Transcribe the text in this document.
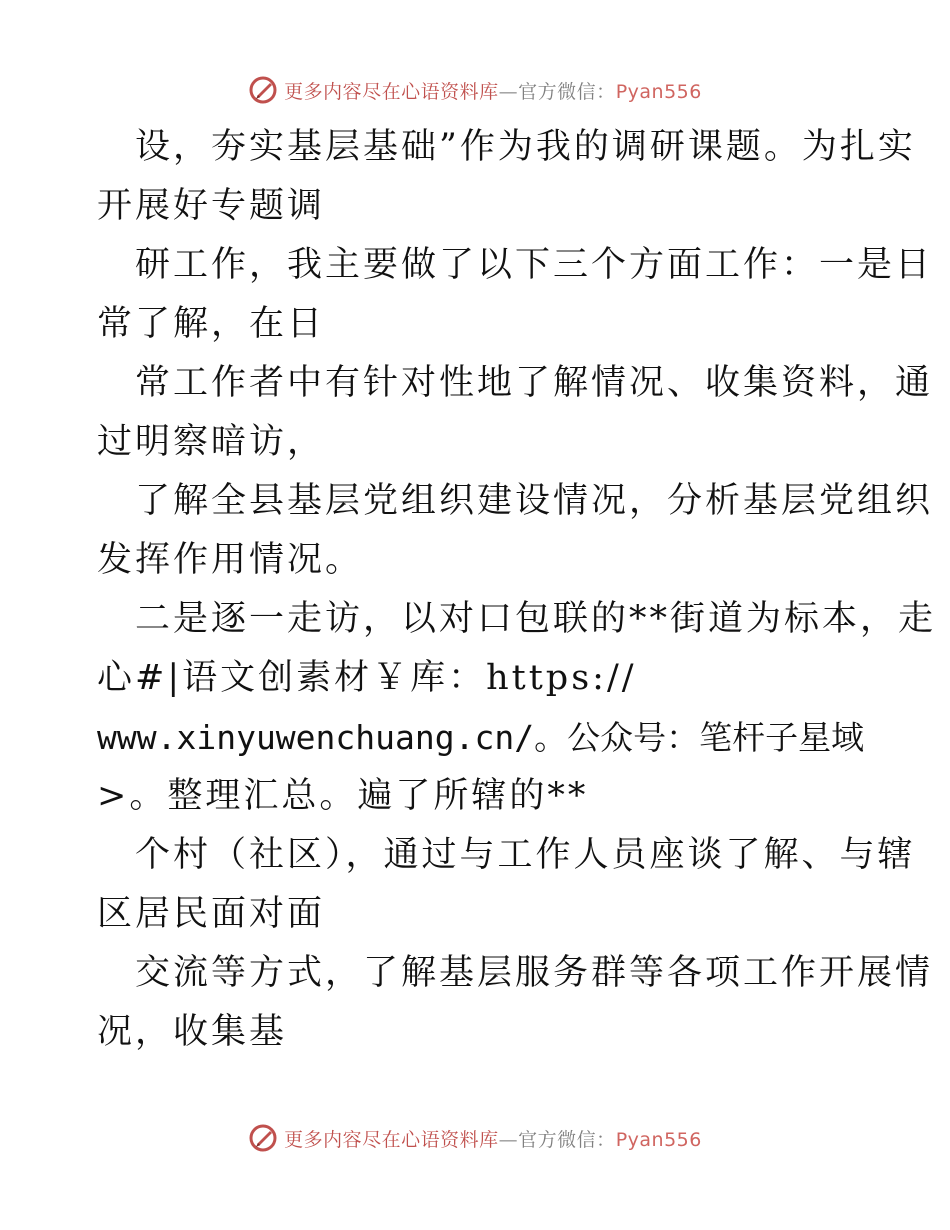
更多内容尽在心语资料库—官方微信：Pyan556
设，夯实基层基础”作为我的调研课题。为扎实
开展好专题调
研工作，我主要做了以下三个方面工作：一是日
常了解，在日
常工作者中有针对性地了解情况、收集资料，通
过明察暗访，
了解全县基层党组织建设情况，分析基层党组织
发挥作用情况。
二是逐一走访，以对口包联的**街道为标本，走
心#|语文创素材￥库：https://
www.xinyuwenchuang.cn/。公众号：笔杆子星域
>。整理汇总。遍了所辖的**
个村（社区），通过与工作人员座谈了解、与辖
区居民面对面
交流等方式，了解基层服务群等各项工作开展情
况，收集基
更多内容尽在心语资料库—官方微信：Pyan556
